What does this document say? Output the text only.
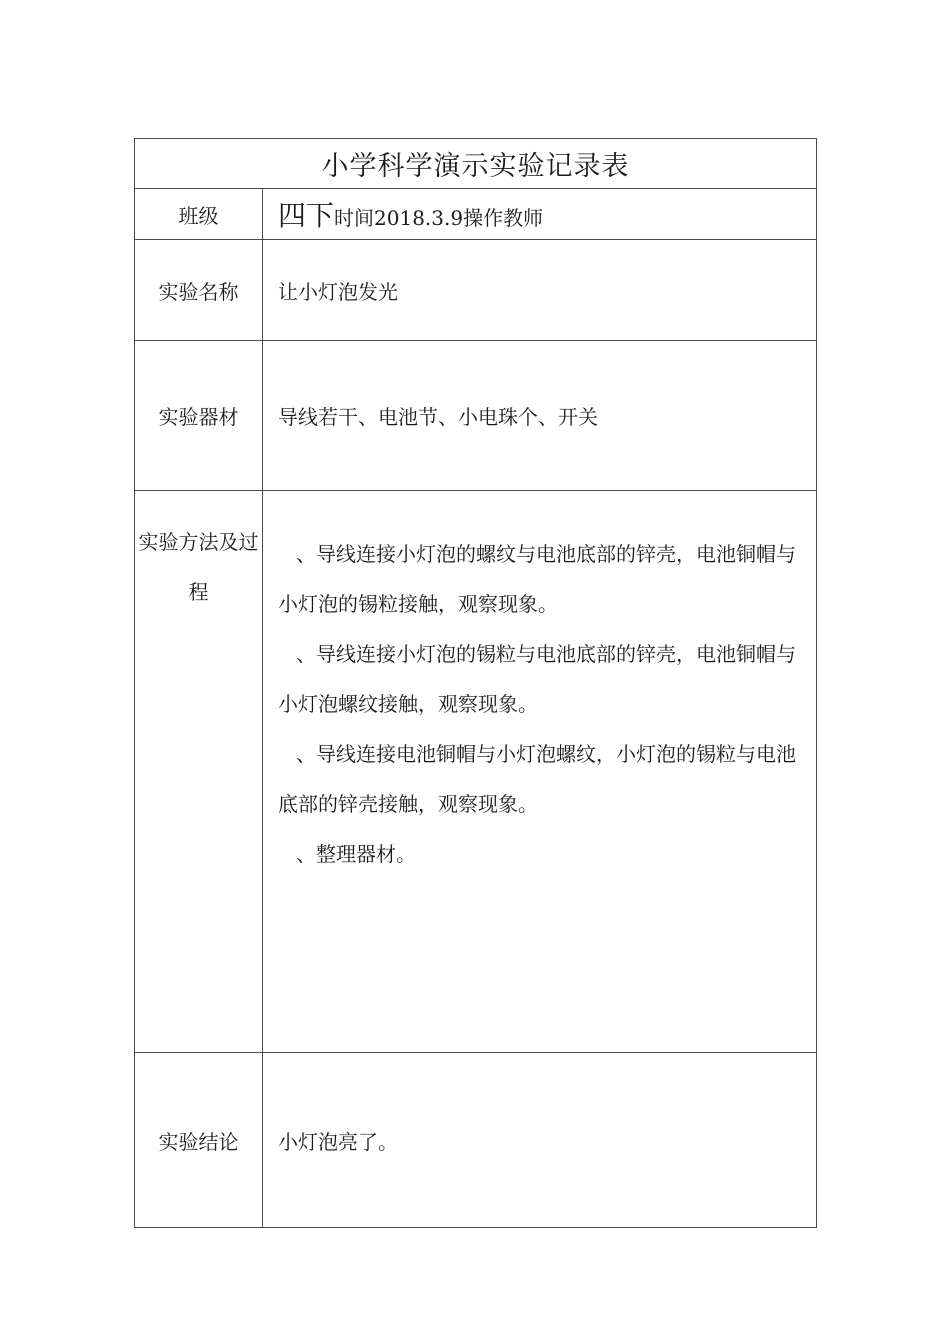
小学科学演示实验记录表	
班级	四下时间2018.3.9操作教师
实验名称	让小灯泡发光
实验器材	导线若干、电池节、小电珠个、开关
实验方法及过程	、导线连接小灯泡的螺纹与电池底部的锌壳，电池铜帽与小灯泡的锡粒接触，观察现象。
、导线连接小灯泡的锡粒与电池底部的锌壳，电池铜帽与小灯泡螺纹接触，观察现象。
、导线连接电池铜帽与小灯泡螺纹，小灯泡的锡粒与电池底部的锌壳接触，观察现象。
、整理器材。

实验结论	小灯泡亮了。
